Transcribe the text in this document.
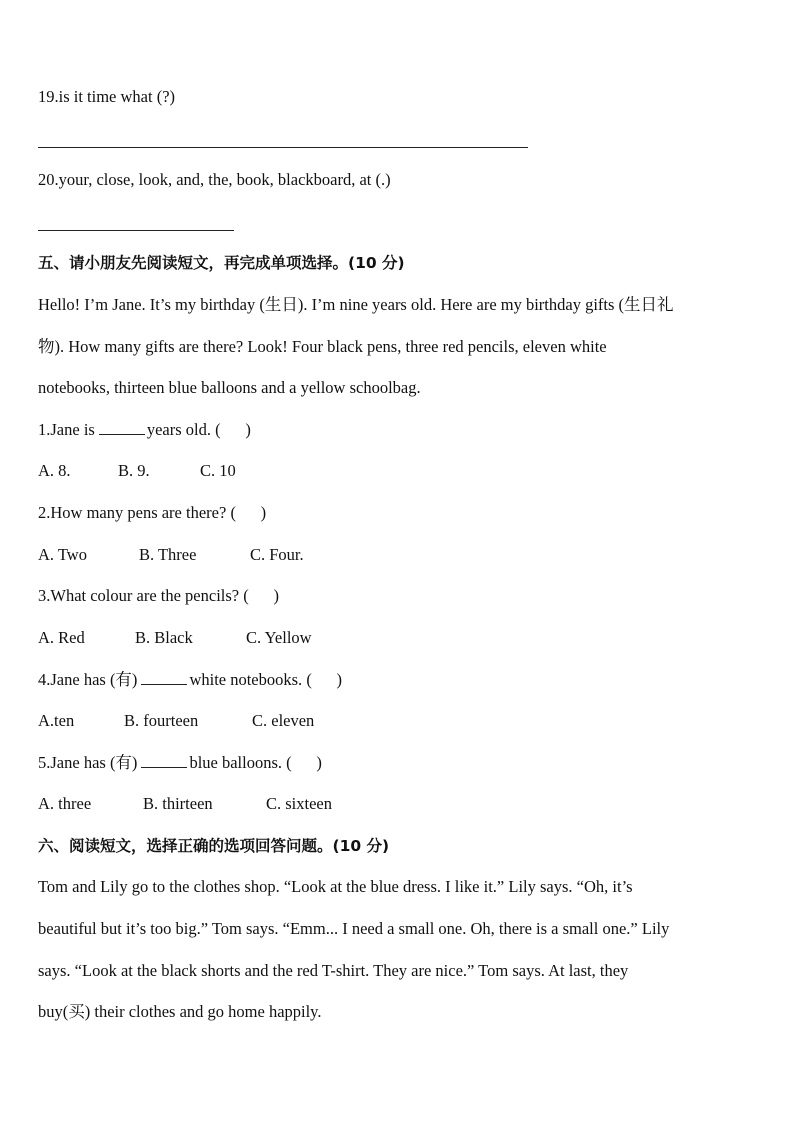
19.is it time what (?)
20.your, close, look, and, the, book, blackboard, at (.)
五、请小朋友先阅读短文，再完成单项选择。(10 分)
Hello! I’m Jane. It’s my birthday (生日). I’m nine years old. Here are my birthday gifts (生日礼
物). How many gifts are there? Look! Four black pens, three red pencils, eleven white
notebooks, thirteen blue balloons and a yellow schoolbag.
1.Jane is	years old. (      )
A. 8.	B. 9.	C. 10
2.How many pens are there? (      )
A. Two	B. Three	C. Four.
3.What colour are the pencils? (      )
A. Red	B. Black	C. Yellow
4.Jane has (有)	white notebooks. (      )
A.ten	B. fourteen	C. eleven
5.Jane has (有)	blue balloons. (      )
A. three	B. thirteen	C. sixteen
六、阅读短文，选择正确的选项回答问题。(10 分)
Tom and Lily go to the clothes shop. “Look at the blue dress. I like it.” Lily says. “Oh, it’s
beautiful but it’s too big.” Tom says. “Emm... I need a small one. Oh, there is a small one.” Lily
says. “Look at the black shorts and the red T-shirt. They are nice.” Tom says. At last, they
buy(买) their clothes and go home happily.
